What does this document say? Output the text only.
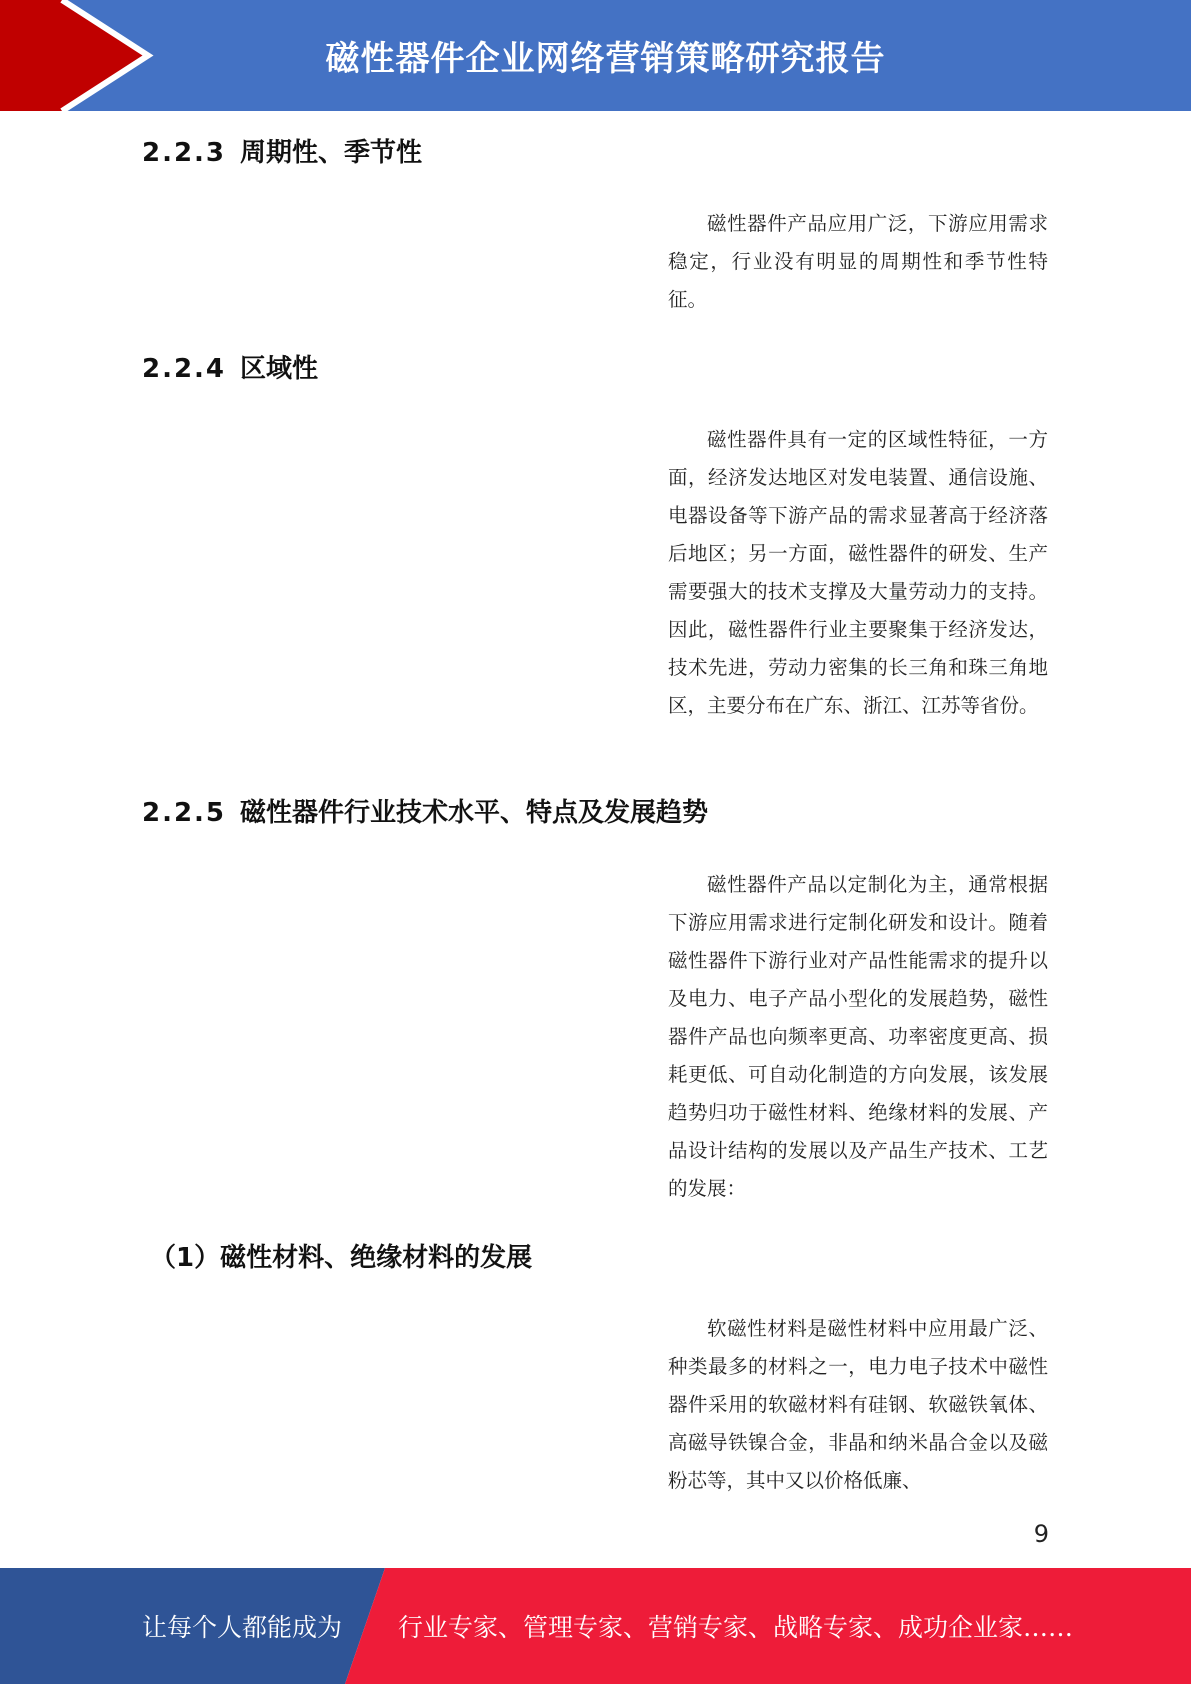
磁性器件企业网络营销策略研究报告
2.2.3 周期性、季节性
磁性器件产品应用广泛，下游应用需求稳定，行业没有明显的周期性和季节性特征。
2.2.4 区域性
磁性器件具有一定的区域性特征，一方面，经济发达地区对发电装置、通信设施、电器设备等下游产品的需求显著高于经济落后地区；另一方面，磁性器件的研发、生产需要强大的技术支撑及大量劳动力的支持。因此，磁性器件行业主要聚集于经济发达，技术先进，劳动力密集的长三角和珠三角地区，主要分布在广东、浙江、江苏等省份。
2.2.5 磁性器件行业技术水平、特点及发展趋势
磁性器件产品以定制化为主，通常根据下游应用需求进行定制化研发和设计。随着磁性器件下游行业对产品性能需求的提升以及电力、电子产品小型化的发展趋势，磁性器件产品也向频率更高、功率密度更高、损耗更低、可自动化制造的方向发展，该发展趋势归功于磁性材料、绝缘材料的发展、产品设计结构的发展以及产品生产技术、工艺的发展：
（1）磁性材料、绝缘材料的发展
软磁性材料是磁性材料中应用最广泛、种类最多的材料之一，电力电子技术中磁性器件采用的软磁材料有硅钢、软磁铁氧体、高磁导铁镍合金，非晶和纳米晶合金以及磁粉芯等，其中又以价格低廉、
9
让每个人都能成为 行业专家、管理专家、营销专家、战略专家、成功企业家……
